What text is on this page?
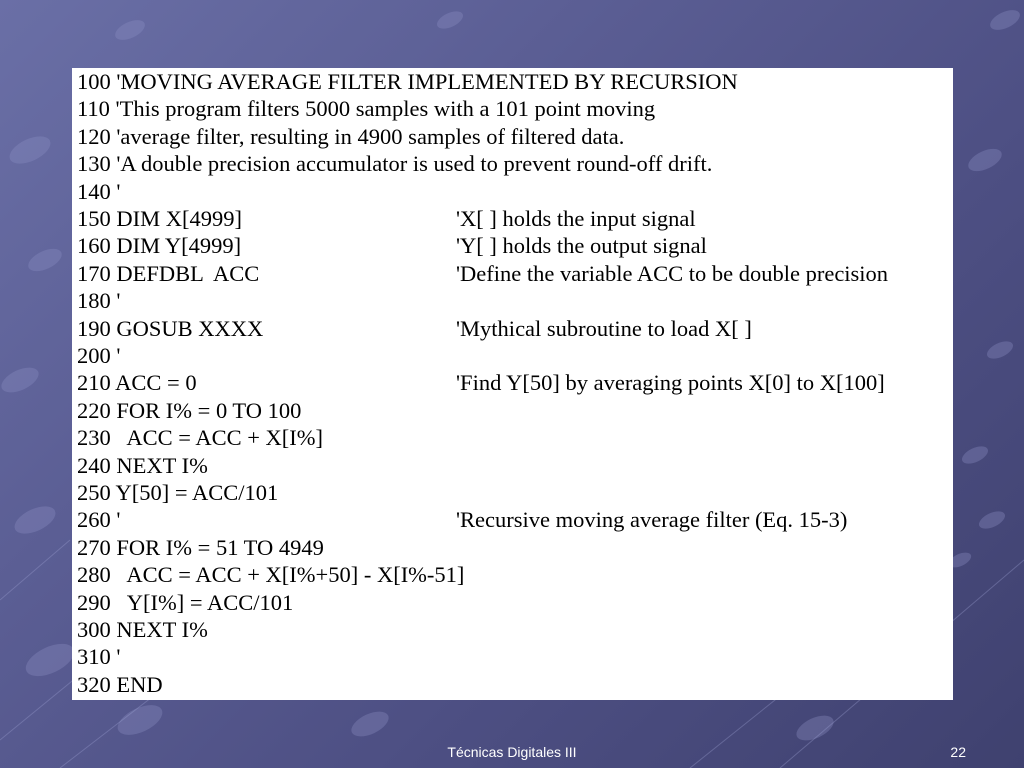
100 'MOVING AVERAGE FILTER IMPLEMENTED BY RECURSION
110 'This program filters 5000 samples with a 101 point moving
120 'average filter, resulting in 4900 samples of filtered data.
130 'A double precision accumulator is used to prevent round-off drift.
140 '
150 DIM X[4999]	'X[ ] holds the input signal
160 DIM Y[4999]	'Y[ ] holds the output signal
170 DEFDBL  ACC	'Define the variable ACC to be double precision
180 '
190 GOSUB XXXX	'Mythical subroutine to load X[ ]
200 '
210 ACC = 0	'Find Y[50] by averaging points X[0] to X[100]
220 FOR I% = 0 TO 100
230   ACC = ACC + X[I%]
240 NEXT I%
250 Y[50] = ACC/101
260 '	'Recursive moving average filter (Eq. 15-3)
270 FOR I% = 51 TO 4949
280   ACC = ACC + X[I%+50] - X[I%-51]
290   Y[I%] = ACC/101
300 NEXT I%
310 '
320 END
Técnicas Digitales III	22
